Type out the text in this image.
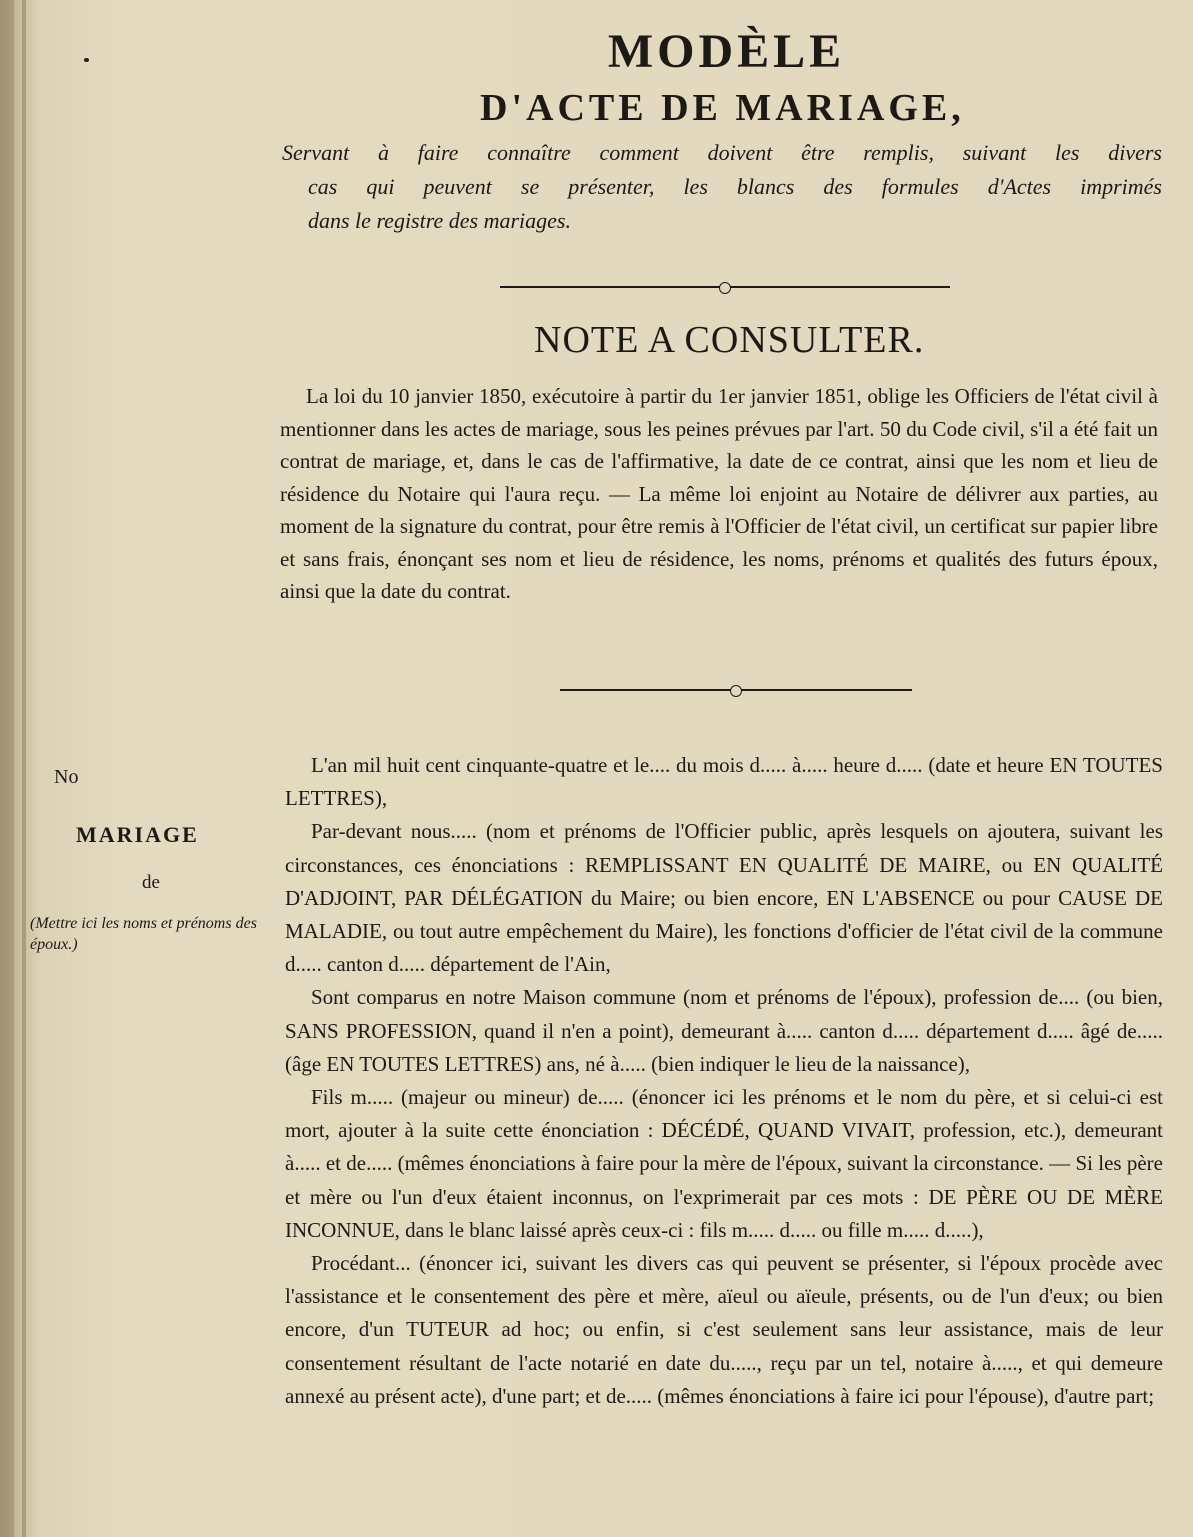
MODÈLE
D'ACTE DE MARIAGE,

Servant à faire connaître comment doivent être remplis, suivant les divers

cas qui peuvent se présenter, les blancs des formules d'Actes imprimés

dans le registre des mariages.

NOTE A CONSULTER.

La loi du 10 janvier 1850, exécutoire à partir du 1er janvier 1851, oblige les Officiers de l'état civil à mentionner dans les actes de mariage, sous les peines prévues par l'art. 50 du Code civil, s'il a été fait un contrat de mariage, et, dans le cas de l'affirmative, la date de ce contrat, ainsi que les nom et lieu de résidence du Notaire qui l'aura reçu. — La même loi enjoint au Notaire de délivrer aux parties, au moment de la signature du contrat, pour être remis à l'Officier de l'état civil, un certificat sur papier libre et sans frais, énonçant ses nom et lieu de résidence, les noms, prénoms et qualités des futurs époux, ainsi que la date du contrat.

No
MARIAGE
de
(Mettre ici les noms et prénoms des époux.)

L'an mil huit cent cinquante-quatre et le.... du mois d..... à..... heure d..... (date et heure EN TOUTES LETTRES),

Par-devant nous..... (nom et prénoms de l'Officier public, après lesquels on ajoutera, suivant les circonstances, ces énonciations : REMPLISSANT EN QUALITÉ DE MAIRE, ou EN QUALITÉ D'ADJOINT, PAR DÉLÉGATION du Maire; ou bien encore, EN L'ABSENCE ou pour CAUSE DE MALADIE, ou tout autre empêchement du Maire), les fonctions d'officier de l'état civil de la commune d..... canton d..... département de l'Ain,

Sont comparus en notre Maison commune (nom et prénoms de l'époux), profession de.... (ou bien, SANS PROFESSION, quand il n'en a point), demeurant à..... canton d..... département d..... âgé de..... (âge EN TOUTES LETTRES) ans, né à..... (bien indiquer le lieu de la naissance),

Fils m..... (majeur ou mineur) de..... (énoncer ici les prénoms et le nom du père, et si celui-ci est mort, ajouter à la suite cette énonciation : DÉCÉDÉ, QUAND VIVAIT, profession, etc.), demeurant à..... et de..... (mêmes énonciations à faire pour la mère de l'époux, suivant la circonstance. — Si les père et mère ou l'un d'eux étaient inconnus, on l'exprimerait par ces mots : DE PÈRE OU DE MÈRE INCONNUE, dans le blanc laissé après ceux-ci : fils m..... d..... ou fille m..... d.....),

Procédant... (énoncer ici, suivant les divers cas qui peuvent se présenter, si l'époux procède avec l'assistance et le consentement des père et mère, aïeul ou aïeule, présents, ou de l'un d'eux; ou bien encore, d'un TUTEUR ad hoc; ou enfin, si c'est seulement sans leur assistance, mais de leur consentement résultant de l'acte notarié en date du....., reçu par un tel, notaire à....., et qui demeure annexé au présent acte), d'une part; et de..... (mêmes énonciations à faire ici pour l'épouse), d'autre part;
